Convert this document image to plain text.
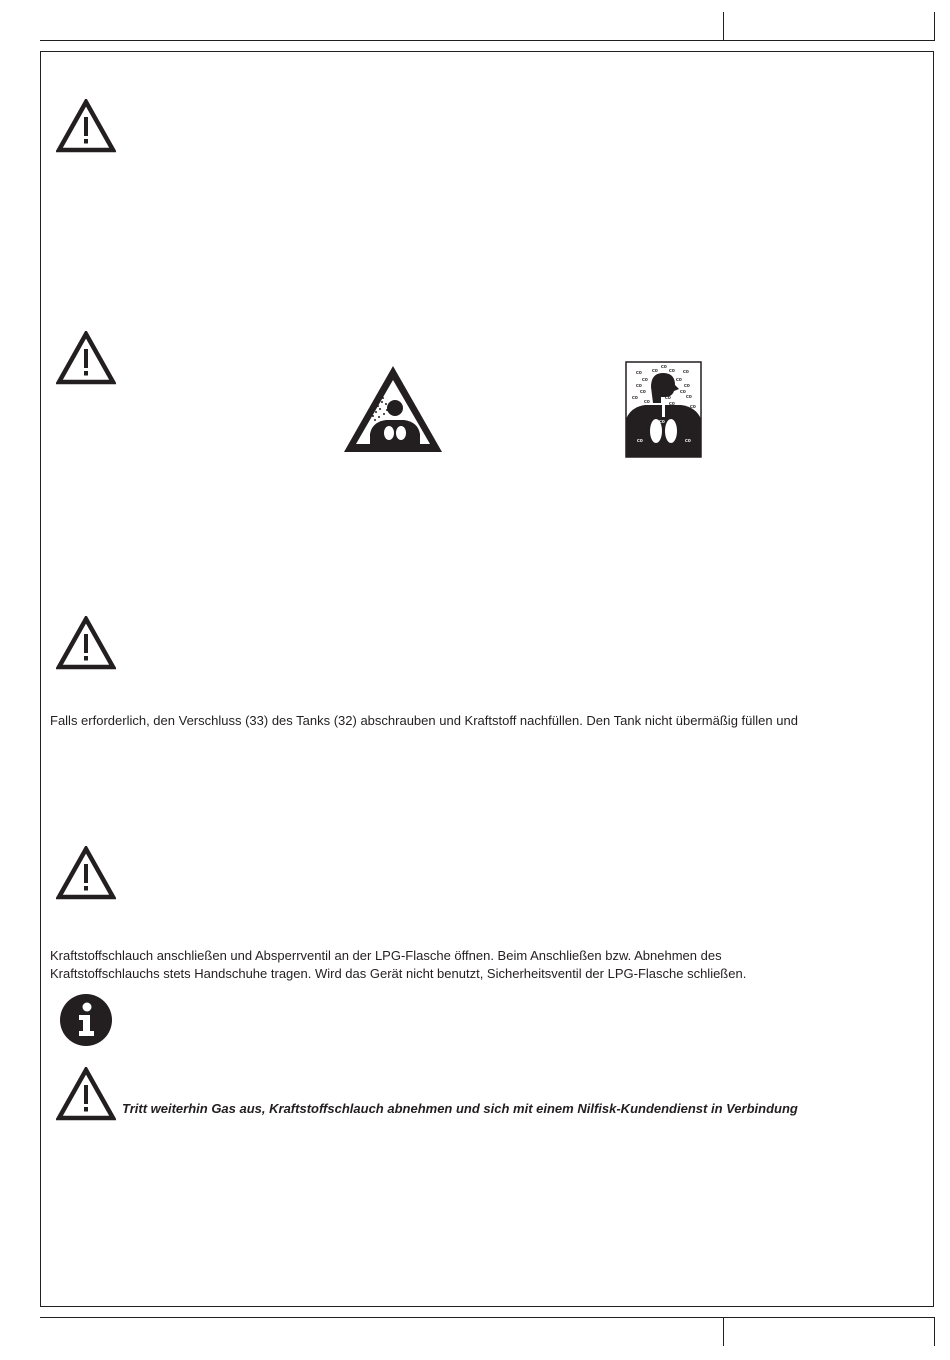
co
co co co co
co	co
co	co
co	co
co	co	co
co	co	co
co co
co
co co
co
Falls erforderlich, den Verschluss (33) des Tanks (32) abschrauben und Kraftstoff nachfüllen. Den Tank nicht übermäßig füllen und
Kraftstoffschlauch anschließen und Absperrventil an der LPG-Flasche öffnen. Beim Anschließen bzw. Abnehmen des
Kraftstoffschlauchs stets Handschuhe tragen. Wird das Gerät nicht benutzt, Sicherheitsventil der LPG-Flasche schließen.
Tritt weiterhin Gas aus, Kraftstoffschlauch abnehmen und sich mit einem Nilfisk-Kundendienst in Verbindung
